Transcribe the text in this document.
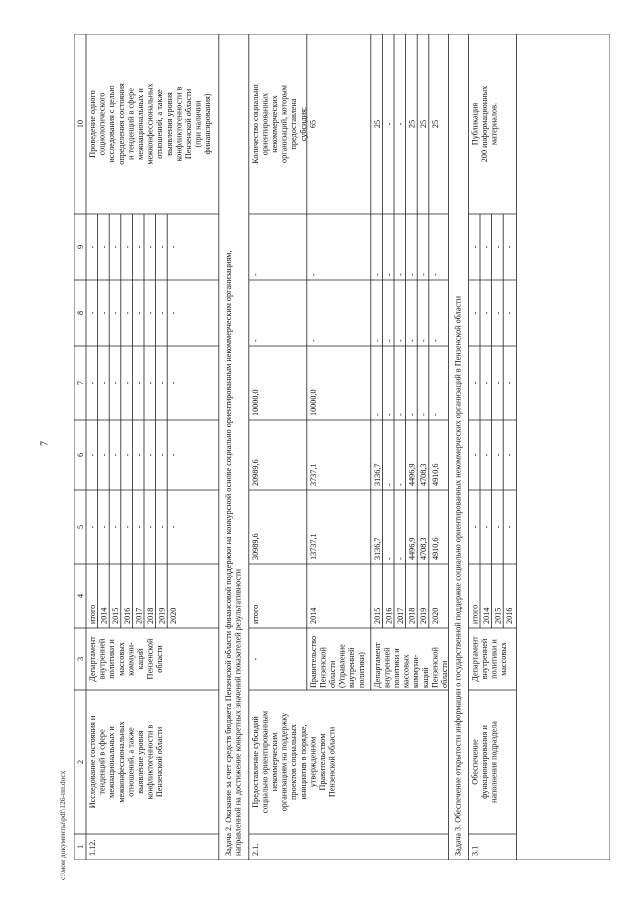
7
c:\мои документы\pdf\126-пп.docx 1
2
3
4
5
6
7
8
9
10
1.12.
Исследование состояния и тенденций в сфере межнациональных и межконфессиональных отношений, а также выявление уровня конфликтогенности в Пензенской области
Департамент внутренней политики и массовых коммуни- каций Пензенской области
итого
-
-
-
-
-
2014
-
-
-
-
-
2015
-
-
-
-
-
2016
-
-
-
-
-
2017
-
-
-
-
-
2018
-
-
-
-
-
2019
-
-
-
-
-
2020
-
-
-
-
-
Проведение одного социологического исследования с целью определения состояния и тенденций в сфере межнациональных и межконфессиональных отношений, а также выявления уровня конфликтогенности в Пензенской области (при наличии финансирования)
Задача 2. Оказание за счет средств бюджета Пензенской области финансовой поддержки на конкурсной основе социально ориентированным некоммерческим организациям, направленной на достижение конкретных значений показателей результативности 2.1.
Предоставление субсидий социально ориентированным некоммерческим организациям на поддержку проектов социальных инициатив в порядке, утвержденном Правительством Пензенской области
-
итого
30989,6
20989,6
10000,0
-
-
Правительство Пензенской области (Управление внутренней политики)
2014
13737,1
3737,1
10000,0
-
-
Департамент внутренней политики и массовых коммуни- каций Пензенской области
2015
3136,7
3136,7
-
-
-
2016
-
-
-
-
-
2017
-
-
-
-
-
2018
4496,9
4496,9
-
-
-
2019
4708,3
4708,3
-
-
-
2020
4910,6
4910,6
-
-
-
Количество социально ориентированных некоммерческих организаций, которым предоставлена субсидия: 65	25 - - 25 25 25
Задача 3. Обеспечение открытости информации о государственной поддержке социально ориентированных некоммерческих организаций в Пензенской области 3.1
Обеспечение функционирования и наполнения подраздела
Департамент внутренней политики и массовых
итого
-
-
-
-
-
2014
-
-
-
-
-
2015
-
-
-
-
-
2016
-
-
-
-
-
Публикация 200 информационных материалов.
